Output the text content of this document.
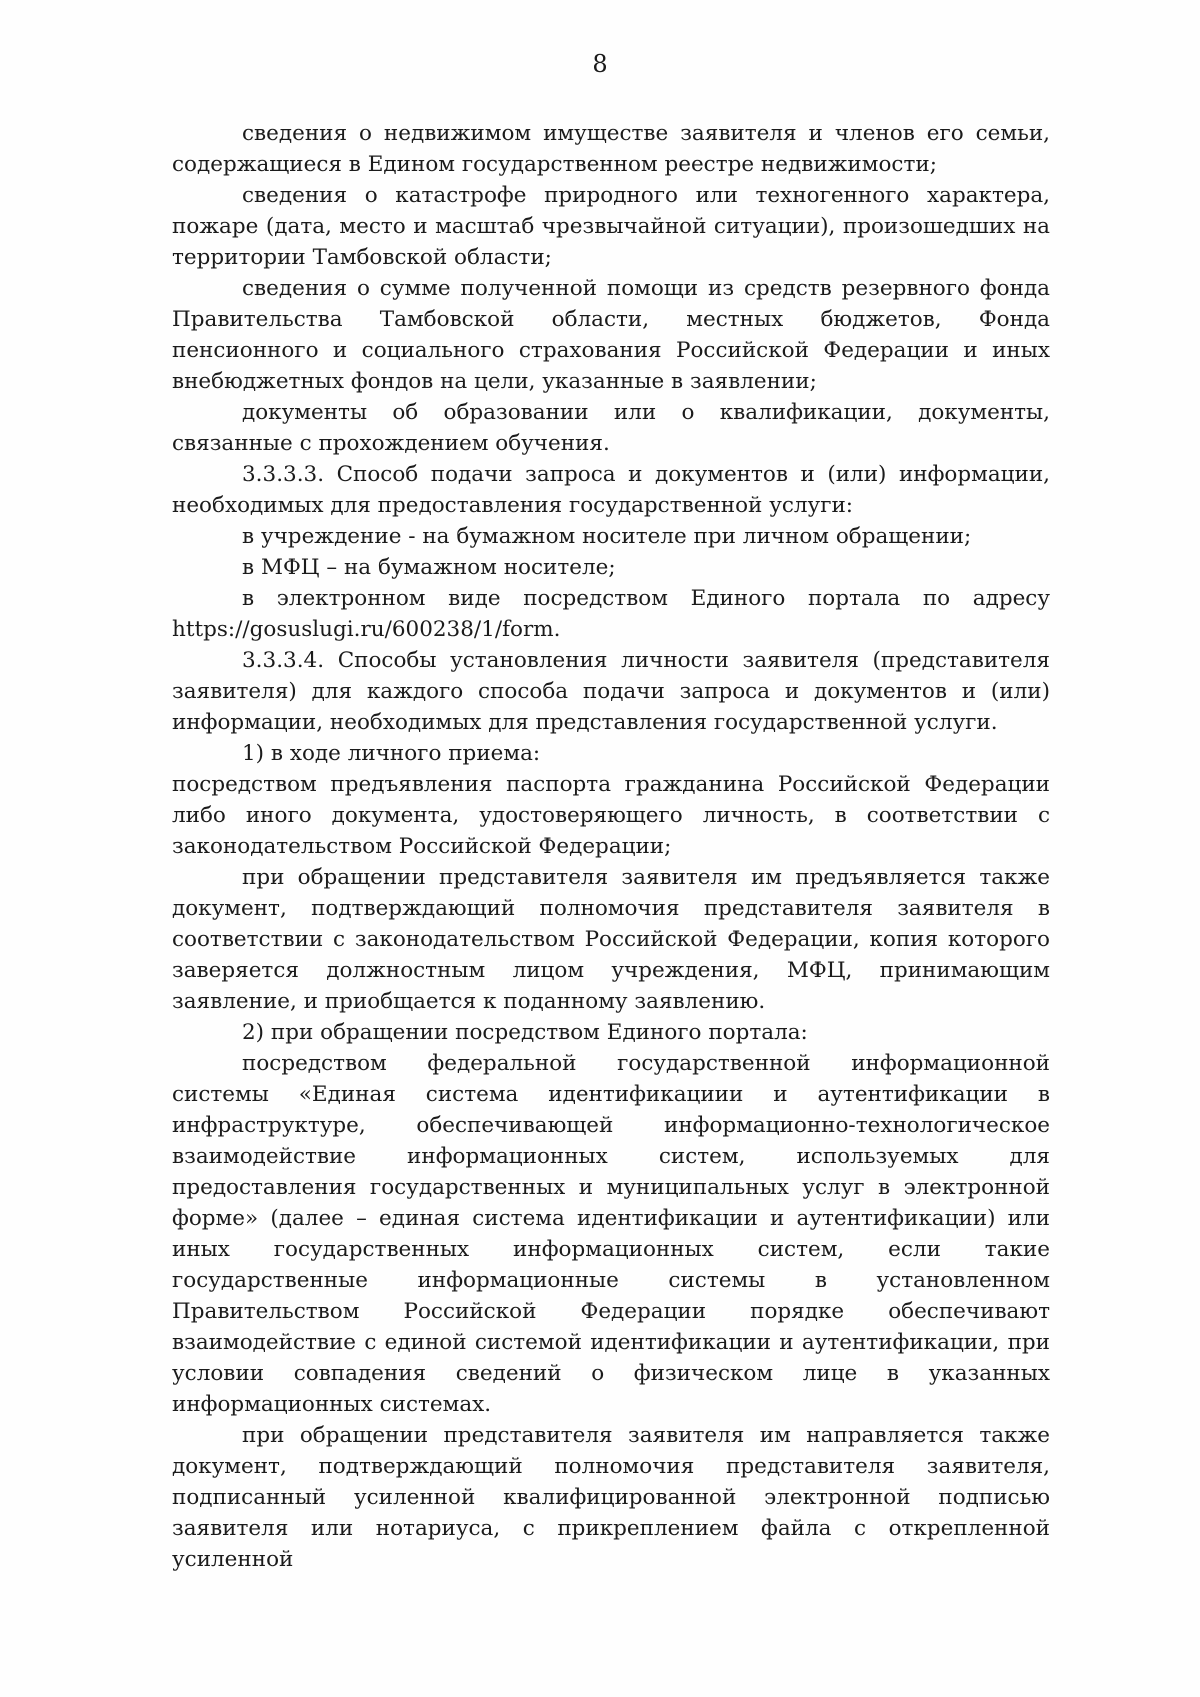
8

сведения о недвижимом имуществе заявителя и членов его семьи, содержащиеся в Едином государственном реестре недвижимости;

сведения о катастрофе природного или техногенного характера, пожаре (дата, место и масштаб чрезвычайной ситуации), произошедших на территории Тамбовской области;

сведения о сумме полученной помощи из средств резервного фонда Правительства Тамбовской области, местных бюджетов, Фонда пенсионного и социального страхования Российской Федерации и иных внебюджетных фондов на цели, указанные в заявлении;

документы об образовании или о квалификации, документы, связанные с прохождением обучения.

3.3.3.3. Способ подачи запроса и документов и (или) информации, необходимых для предоставления государственной услуги:

в учреждение - на бумажном носителе при личном обращении;

в МФЦ – на бумажном носителе;

в электронном виде посредством Единого портала по адресу https://gosuslugi.ru/600238/1/form.

3.3.3.4. Способы установления личности заявителя (представителя заявителя) для каждого способа подачи запроса и документов и (или) информации, необходимых для представления государственной услуги.

1) в ходе личного приема:

посредством предъявления паспорта гражданина Российской Федерации либо иного документа, удостоверяющего личность, в соответствии с законодательством Российской Федерации;

при обращении представителя заявителя им предъявляется также документ, подтверждающий полномочия представителя заявителя в соответствии с законодательством Российской Федерации, копия которого заверяется должностным лицом учреждения, МФЦ, принимающим заявление, и приобщается к поданному заявлению.

2) при обращении посредством Единого портала:

посредством федеральной государственной информационной системы «Единая система идентификациии и аутентификации в инфраструктуре, обеспечивающей информационно-технологическое взаимодействие информационных систем, используемых для предоставления государственных и муниципальных услуг в электронной форме» (далее – единая система идентификации и аутентификации) или иных государственных информационных систем, если такие государственные информационные системы в установленном Правительством Российской Федерации порядке обеспечивают взаимодействие с единой системой идентификации и аутентификации, при условии совпадения сведений о физическом лице в указанных информационных системах.

при обращении представителя заявителя им направляется также документ, подтверждающий полномочия представителя заявителя, подписанный усиленной квалифицированной электронной подписью заявителя или нотариуса, с прикреплением файла с открепленной усиленной
